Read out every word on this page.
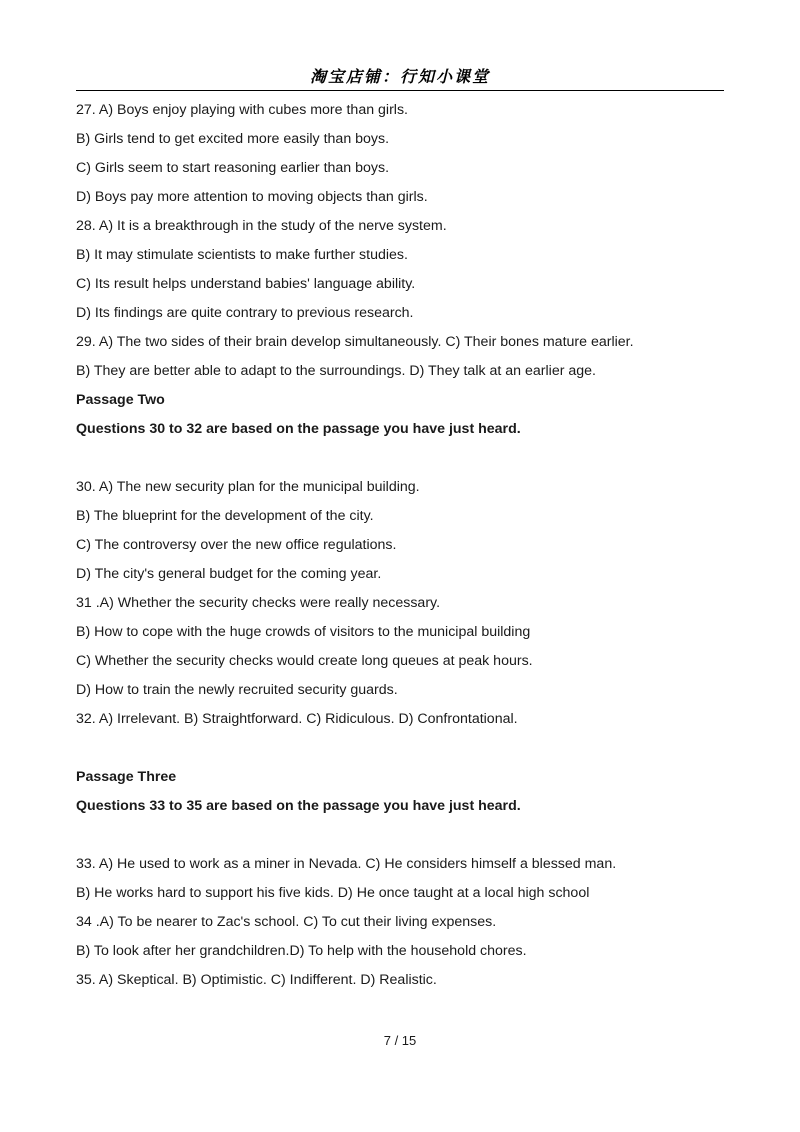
淘宝店铺：行知小课堂
27. A) Boys enjoy playing with cubes more than girls.
B) Girls tend to get excited more easily than boys.
C) Girls seem to start reasoning earlier than boys.
D) Boys pay more attention to moving objects than girls.
28. A) It is a breakthrough in the study of the nerve system.
B) It may stimulate scientists to make further studies.
C) Its result helps understand babies' language ability.
D) Its findings are quite contrary to previous research.
29. A) The two sides of their brain develop simultaneously. C) Their bones mature earlier.
B) They are better able to adapt to the surroundings. D) They talk at an earlier age.
Passage Two
Questions 30 to 32 are based on the passage you have just heard.
30. A) The new security plan for the municipal building.
B) The blueprint for the development of the city.
C) The controversy over the new office regulations.
D) The city's general budget for the coming year.
31 .A) Whether the security checks were really necessary.
B) How to cope with the huge crowds of visitors to the municipal building
C) Whether the security checks would create long queues at peak hours.
D) How to train the newly recruited security guards.
32. A) Irrelevant. B) Straightforward. C) Ridiculous. D) Confrontational.
Passage Three
Questions 33 to 35 are based on the passage you have just heard.
33. A) He used to work as a miner in Nevada. C) He considers himself a blessed man.
B) He works hard to support his five kids. D) He once taught at a local high school
34 .A) To be nearer to Zac's school. C) To cut their living expenses.
B) To look after her grandchildren.D) To help with the household chores.
35. A) Skeptical. B) Optimistic. C) Indifferent. D) Realistic.
7 / 15
